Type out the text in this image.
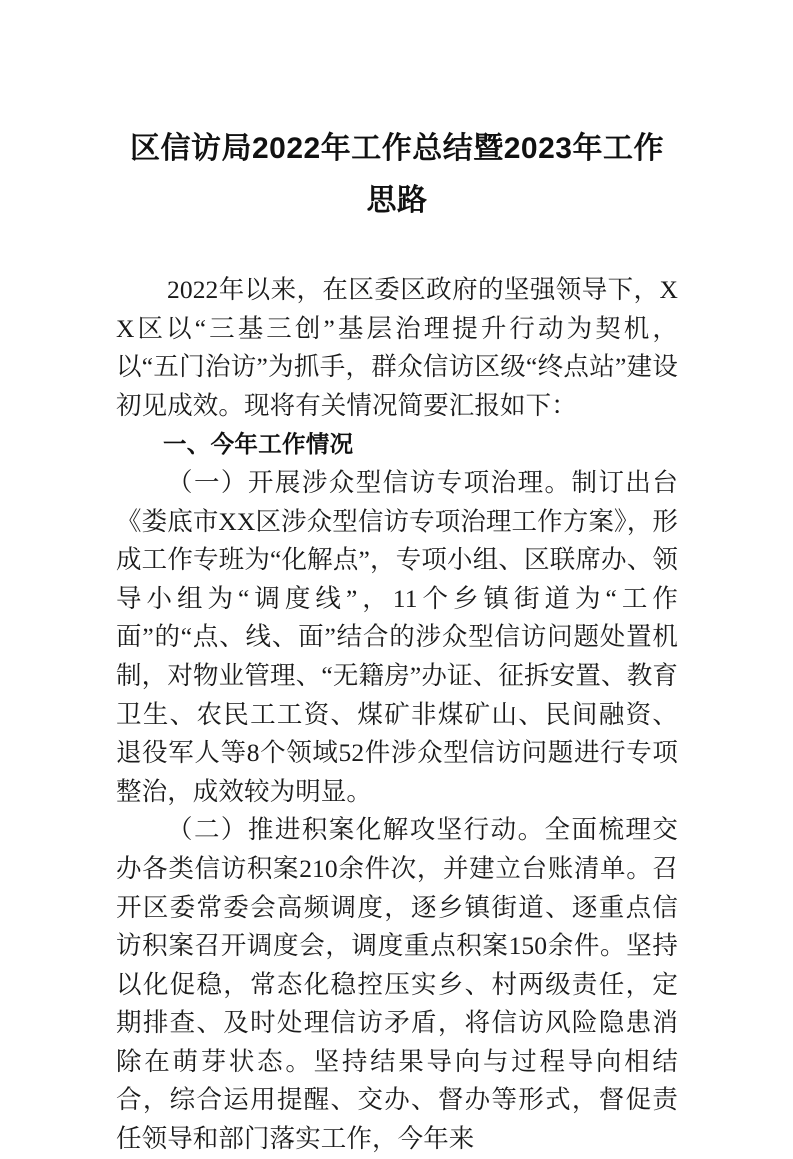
区信访局2022年工作总结暨2023年工作思路

2022年以来，在区委区政府的坚强领导下，XX区以“三基三创”基层治理提升行动为契机，以“五门治访”为抓手，群众信访区级“终点站”建设初见成效。现将有关情况简要汇报如下：

一、今年工作情况

（一）开展涉众型信访专项治理。制订出台《娄底市XX区涉众型信访专项治理工作方案》，形成工作专班为“化解点”，专项小组、区联席办、领导小组为“调度线”，11个乡镇街道为“工作面”的“点、线、面”结合的涉众型信访问题处置机制，对物业管理、“无籍房”办证、征拆安置、教育卫生、农民工工资、煤矿非煤矿山、民间融资、退役军人等8个领域52件涉众型信访问题进行专项整治，成效较为明显。

（二）推进积案化解攻坚行动。全面梳理交办各类信访积案210余件次，并建立台账清单。召开区委常委会高频调度，逐乡镇街道、逐重点信访积案召开调度会，调度重点积案150余件。坚持以化促稳，常态化稳控压实乡、村两级责任，定期排查、及时处理信访矛盾，将信访风险隐患消除在萌芽状态。坚持结果导向与过程导向相结合，综合运用提醒、交办、督办等形式，督促责任领导和部门落实工作，今年来
